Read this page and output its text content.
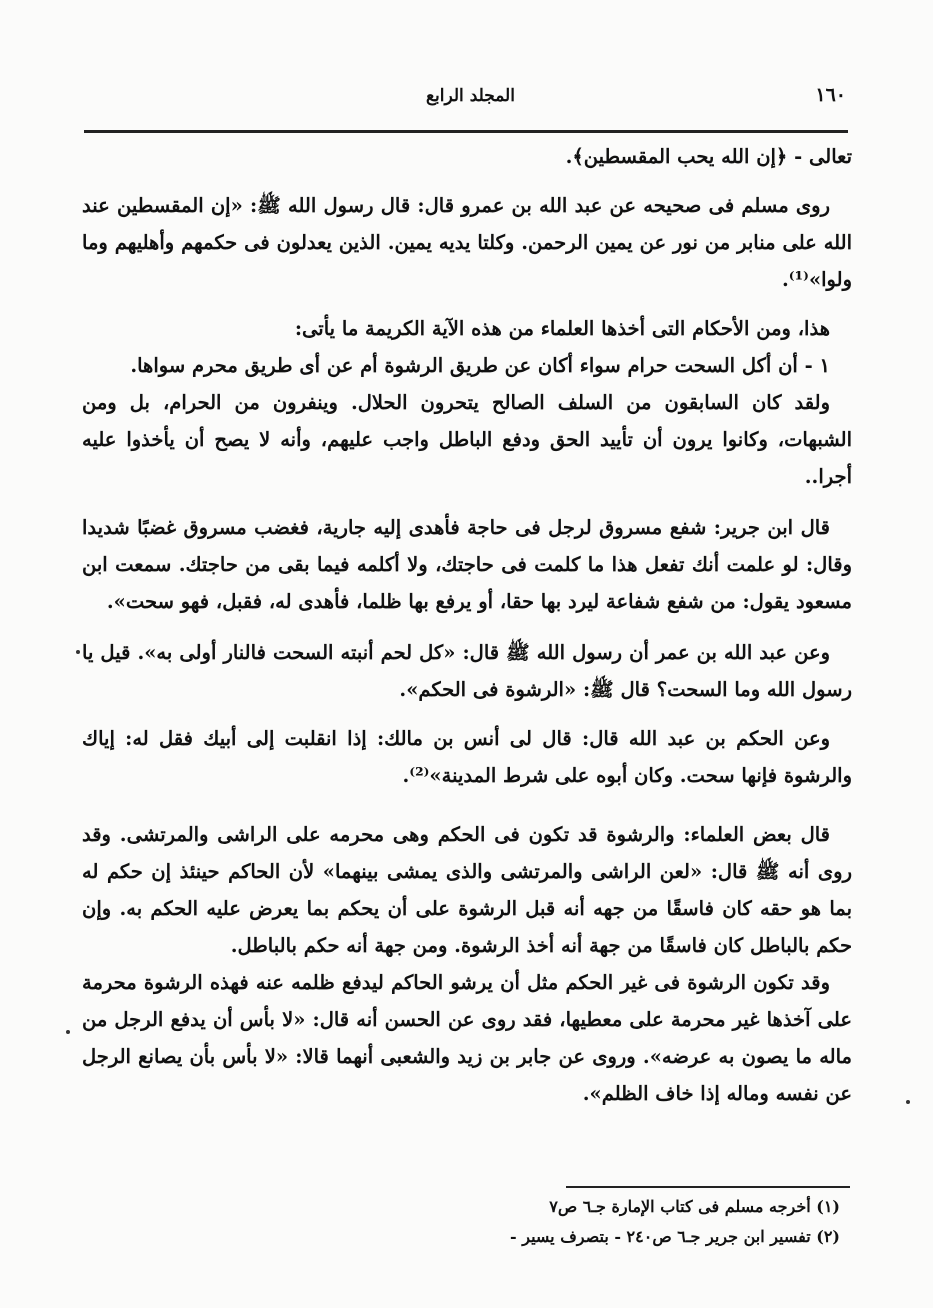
١٦٠
المجلد الرابع

تعالى - ﴿إن الله يحب المقسطين﴾.

روى مسلم فى صحيحه عن عبد الله بن عمرو قال: قال رسول الله ﷺ: «إن المقسطين عند الله على منابر من نور عن يمين الرحمن. وكلتا يديه يمين. الذين يعدلون فى حكمهم وأهليهم وما ولوا»⁽¹⁾.

هذا، ومن الأحكام التى أخذها العلماء من هذه الآية الكريمة ما يأتى:

١ - أن أكل السحت حرام سواء أكان عن طريق الرشوة أم عن أى طريق محرم سواها.

ولقد كان السابقون من السلف الصالح يتحرون الحلال. وينفرون من الحرام، بل ومن الشبهات، وكانوا يرون أن تأييد الحق ودفع الباطل واجب عليهم، وأنه لا يصح أن يأخذوا عليه أجرا..

قال ابن جرير: شفع مسروق لرجل فى حاجة فأهدى إليه جارية، فغضب مسروق غضبًا شديدا وقال: لو علمت أنك تفعل هذا ما كلمت فى حاجتك، ولا أكلمه فيما بقى من حاجتك. سمعت ابن مسعود يقول: من شفع شفاعة ليرد بها حقا، أو يرفع بها ظلما، فأهدى له، فقبل، فهو سحت».

وعن عبد الله بن عمر أن رسول الله ﷺ قال: «كل لحم أنبته السحت فالنار أولى به». قيل يا رسول الله وما السحت؟ قال ﷺ: «الرشوة فى الحكم».

وعن الحكم بن عبد الله قال: قال لى أنس بن مالك: إذا انقلبت إلى أبيك فقل له: إياك والرشوة فإنها سحت. وكان أبوه على شرط المدينة»⁽²⁾.

قال بعض العلماء: والرشوة قد تكون فى الحكم وهى محرمه على الراشى والمرتشى. وقد روى أنه ﷺ قال: «لعن الراشى والمرتشى والذى يمشى بينهما» لأن الحاكم حينئذ إن حكم له بما هو حقه كان فاسقًا من جهه أنه قبل الرشوة على أن يحكم بما يعرض عليه الحكم به. وإن حكم بالباطل كان فاسقًا من جهة أنه أخذ الرشوة. ومن جهة أنه حكم بالباطل.

وقد تكون الرشوة فى غير الحكم مثل أن يرشو الحاكم ليدفع ظلمه عنه فهذه الرشوة محرمة على آخذها غير محرمة على معطيها، فقد روى عن الحسن أنه قال: «لا بأس أن يدفع الرجل من ماله ما يصون به عرضه». وروى عن جابر بن زيد والشعبى أنهما قالا: «لا بأس بأن يصانع الرجل عن نفسه وماله إذا خاف الظلم».

(١) أخرجه مسلم فى كتاب الإمارة جـ٦ ص٧

(٢) تفسير ابن جرير جـ٦ ص٢٤٠ - بتصرف يسير -
